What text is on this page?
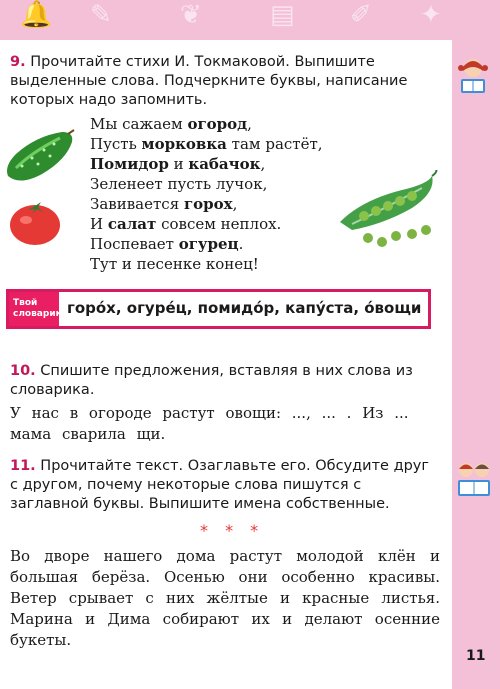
🔔 ✎	❦	▤ ✐ ✦
9. Прочитайте стихи И. Токмаковой. Выпишите выделенные слова. Подчеркните буквы, написание которых надо запомнить.
Мы сажаем огород,
Пусть морковка там растёт,
Помидор и кабачок,
Зеленеет пусть лучок,
Завивается горох,
И салат совсем неплох.
Поспевает огурец.
Тут и песенке конец!
Твой словарик горо́х, огуре́ц, помидо́р, капу́ста, о́вощи
10. Спишите предложения, вставляя в них слова из словарика.
У нас в огороде растут овощи: ..., ... . Из ... мама сварила щи.
11. Прочитайте текст. Озаглавьте его. Обсудите друг с другом, почему некоторые слова пишутся с заглавной буквы. Выпишите имена собственные.
* * *
Во дворе нашего дома растут молодой клён и большая берёза. Осенью они особенно красивы. Ветер срывает с них жёлтые и красные листья. Марина и Дима собирают их и делают осенние букеты.
11
